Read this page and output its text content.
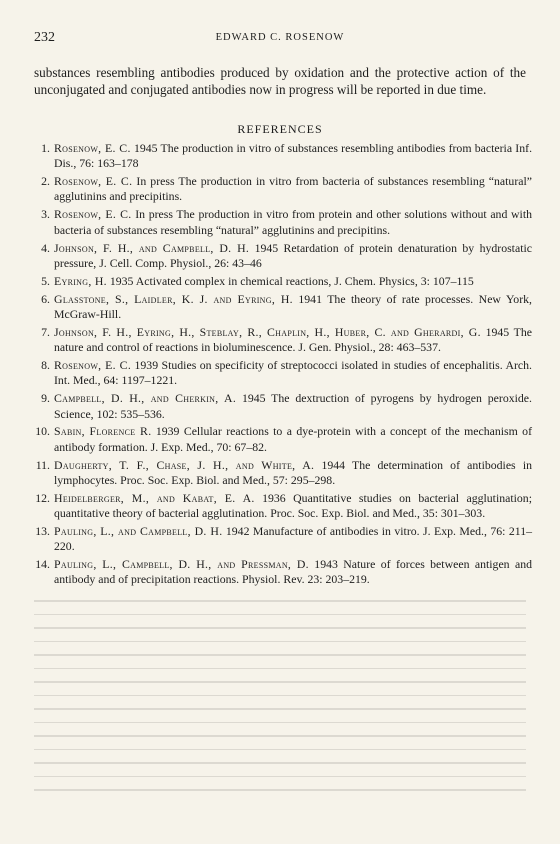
232	EDWARD C. ROSENOW

substances resembling antibodies produced by oxidation and the protective action of the unconjugated and conjugated antibodies now in progress will be reported in due time.

REFERENCES
1. Rosenow, E. C. 1945 The production in vitro of substances resembling antibodies from bacteria Inf. Dis., 76: 163–178
2. Rosenow, E. C. In press The production in vitro from bacteria of substances resembling “natural” agglutinins and precipitins.
3. Rosenow, E. C. In press The production in vitro from protein and other solutions without and with bacteria of substances resembling “natural” agglutinins and precipitins.
4. Johnson, F. H., and Campbell, D. H. 1945 Retardation of protein denaturation by hydrostatic pressure, J. Cell. Comp. Physiol., 26: 43–46
5. Eyring, H. 1935 Activated complex in chemical reactions, J. Chem. Physics, 3: 107–115
6. Glasstone, S., Laidler, K. J. and Eyring, H. 1941 The theory of rate processes. New York, McGraw-Hill.
7. Johnson, F. H., Eyring, H., Steblay, R., Chaplin, H., Huber, C. and Gherardi, G. 1945 The nature and control of reactions in bioluminescence. J. Gen. Physiol., 28: 463–537.
8. Rosenow, E. C. 1939 Studies on specificity of streptococci isolated in studies of encephalitis. Arch. Int. Med., 64: 1197–1221.
9. Campbell, D. H., and Cherkin, A. 1945 The dextruction of pyrogens by hydrogen peroxide. Science, 102: 535–536.
10. Sabin, Florence R. 1939 Cellular reactions to a dye-protein with a concept of the mechanism of antibody formation. J. Exp. Med., 70: 67–82.
11. Daugherty, T. F., Chase, J. H., and White, A. 1944 The determination of antibodies in lymphocytes. Proc. Soc. Exp. Biol. and Med., 57: 295–298.
12. Heidelberger, M., and Kabat, E. A. 1936 Quantitative studies on bacterial agglutination; quantitative theory of bacterial agglutination. Proc. Soc. Exp. Biol. and Med., 35: 301–303.
13. Pauling, L., and Campbell, D. H. 1942 Manufacture of antibodies in vitro. J. Exp. Med., 76: 211–220.
14. Pauling, L., Campbell, D. H., and Pressman, D. 1943 Nature of forces between antigen and antibody and of precipitation reactions. Physiol. Rev. 23: 203–219.
